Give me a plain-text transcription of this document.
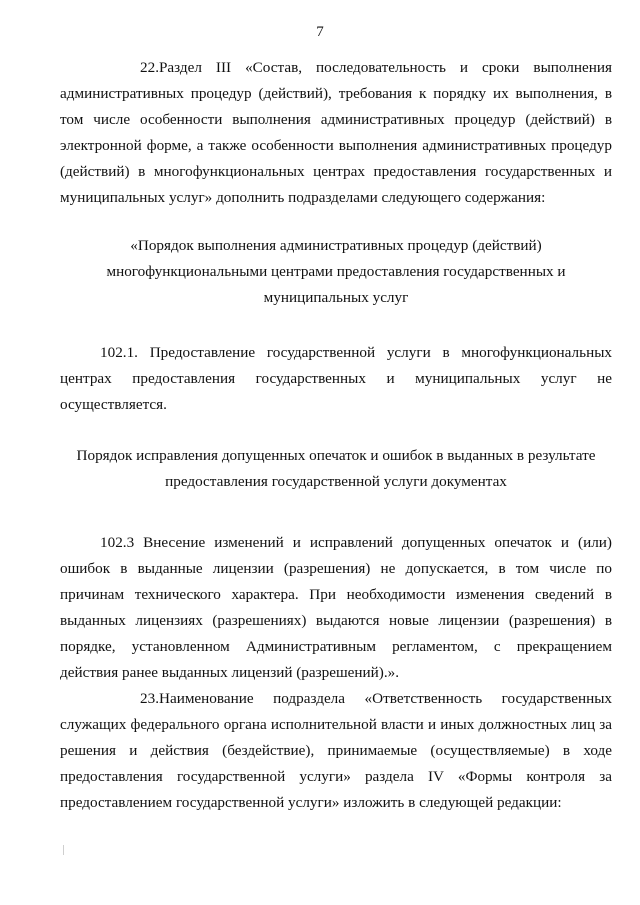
7

22.Раздел III «Состав, последовательность и сроки выполнения административных процедур (действий), требования к порядку их выполнения, в том числе особенности выполнения административных процедур (действий) в электронной форме, а также особенности выполнения административных процедур (действий) в многофункциональных центрах предоставления государственных и муниципальных услуг» дополнить подразделами следующего содержания:

«Порядок выполнения административных процедур (действий)
многофункциональными центрами предоставления государственных и
муниципальных услуг

102.1. Предоставление государственной услуги в многофункциональных центрах предоставления государственных и муниципальных услуг не осуществляется.

Порядок исправления допущенных опечаток и ошибок в выданных в результате
предоставления государственной услуги документах

102.3 Внесение изменений и исправлений допущенных опечаток и (или) ошибок в выданные лицензии (разрешения) не допускается, в том числе по причинам технического характера. При необходимости изменения сведений в выданных лицензиях (разрешениях) выдаются новые лицензии (разрешения) в порядке, установленном Административным регламентом, с прекращением действия ранее выданных лицензий (разрешений).».

23.Наименование подраздела «Ответственность государственных служащих федерального органа исполнительной власти и иных должностных лиц за решения и действия (бездействие), принимаемые (осуществляемые) в ходе предоставления государственной услуги» раздела IV «Формы контроля за предоставлением государственной услуги» изложить в следующей редакции:
